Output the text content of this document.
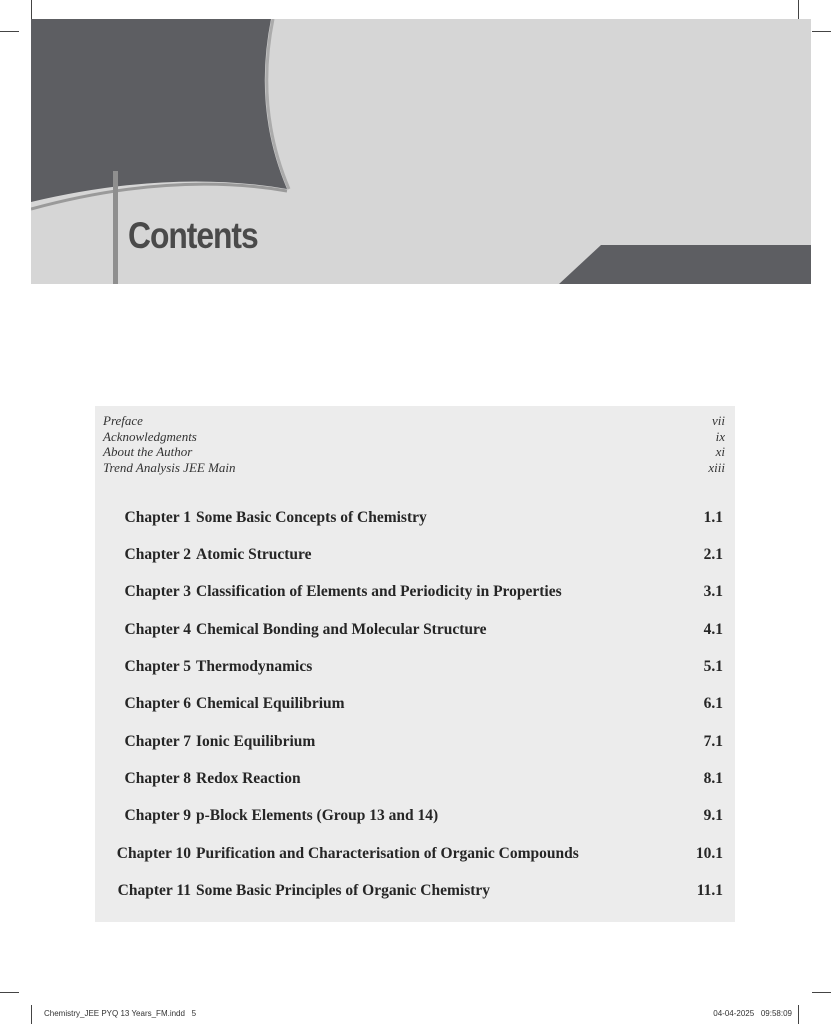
Contents
Preface	vii
Acknowledgments	ix
About the Author	xi
Trend Analysis JEE Main	xiii
Chapter 1 Some Basic Concepts of Chemistry	1.1
Chapter 2 Atomic Structure	2.1
Chapter 3 Classification of Elements and Periodicity in Properties	3.1
Chapter 4 Chemical Bonding and Molecular Structure	4.1
Chapter 5 Thermodynamics	5.1
Chapter 6 Chemical Equilibrium	6.1
Chapter 7 Ionic Equilibrium	7.1
Chapter 8 Redox Reaction	8.1
Chapter 9 p-Block Elements (Group 13 and 14)	9.1
Chapter 10 Purification and Characterisation of Organic Compounds	10.1
Chapter 11 Some Basic Principles of Organic Chemistry	11.1
Chemistry_JEE PYQ 13 Years_FM.indd   5	04-04-2025   09:58:09
